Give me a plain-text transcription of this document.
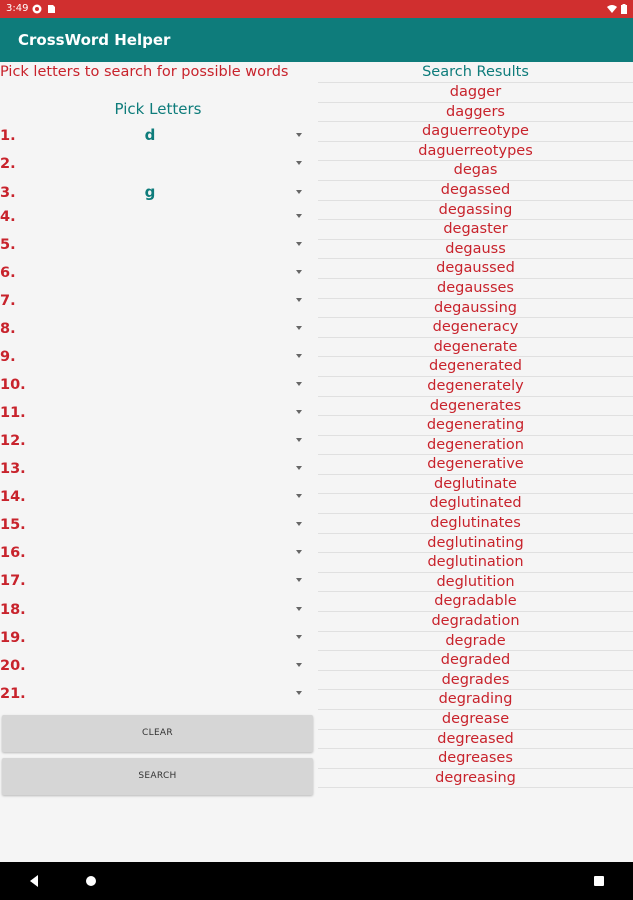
3:49
CrossWord Helper
Pick letters to search for possible words
Pick Letters
1.	d
2.
3.	g
4.
5.
6.
7.
8.
9.
10.
11.
12.
13.
14.
15.
16.
17.
18.
19.
20.
21.
CLEAR
SEARCH
Search Results
dagger
daggers
daguerreotype
daguerreotypes
degas
degassed
degassing
degaster
degauss
degaussed
degausses
degaussing
degeneracy
degenerate
degenerated
degenerately
degenerates
degenerating
degeneration
degenerative
deglutinate
deglutinated
deglutinates
deglutinating
deglutination
deglutition
degradable
degradation
degrade
degraded
degrades
degrading
degrease
degreased
degreases
degreasing
